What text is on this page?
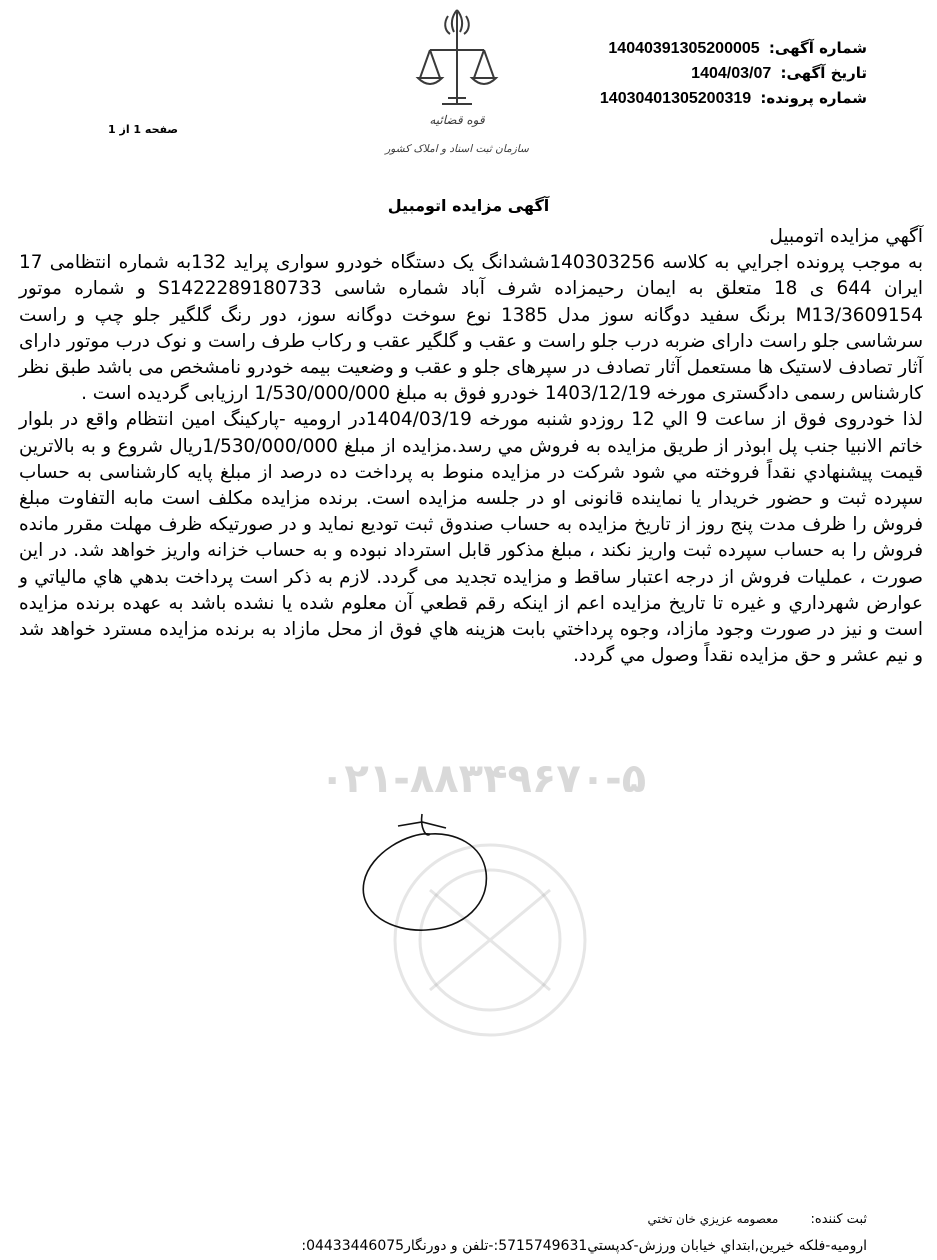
شماره آگهی: 14040391305200005
تاریخ آگهی: 1404/03/07
شماره پرونده: 14030401305200319
قوه قضائیه
سازمان ثبت اسناد و املاک کشور
صفحه 1 از 1
آگهی مزایده اتومبیل
آگهي مزايده اتومبيل

به موجب پرونده اجرايي به كلاسه 140303256ششدانگ یک دستگاه خودرو سواری پراید 132به شماره انتظامی 17 ایران 644 ی 18 متعلق به ایمان رحیمزاده شرف آباد شماره شاسی S1422289180733 و شماره موتور M13/3609154 برنگ سفید دوگانه سوز مدل 1385 نوع سوخت دوگانه سوز، دور رنگ گلگیر جلو چپ و راست سرشاسی جلو راست دارای ضربه درب جلو راست و عقب و گلگیر عقب و رکاب طرف راست و نوک درب موتور دارای آثار تصادف لاستیک ها مستعمل آثار تصادف در سپرهای جلو و عقب و وضعیت بیمه خودرو نامشخص می باشد طبق نظر کارشناس رسمی دادگستری مورخه 1403/12/19 خودرو فوق به مبلغ 1/530/000/000 ارزیابی گردیده است .

لذا خودروی فوق از ساعت 9 الي 12 روزدو شنبه مورخه 1404/03/19در اروميه -پارکینگ امین انتظام واقع در بلوار خاتم الانبیا جنب پل ابوذر از طريق مزايده به فروش مي رسد.مزايده از مبلغ 1/530/000/000ريال شروع و به بالاترين قيمت پيشنهادي نقداً فروخته مي شود شرکت در مزایده منوط به پرداخت ده درصد از مبلغ پایه کارشناسی به حساب سپرده ثبت و حضور خریدار یا نماینده قانونی او در جلسه مزایده است. برنده مزایده مکلف است مابه التفاوت مبلغ فروش را ظرف مدت پنج روز از تاریخ مزایده به حساب صندوق ثبت تودیع نماید و در صورتیکه ظرف مهلت مقرر مانده فروش را به حساب سپرده ثبت واریز نکند ، مبلغ مذکور قابل استرداد نبوده و به حساب خزانه واریز خواهد شد. در این صورت ، عملیات فروش از درجه اعتبار ساقط و مزایده تجدید می گردد. لازم به ذکر است پرداخت بدهي هاي مالياتي و عوارض شهرداري و غيره تا تاريخ مزايده اعم از اينكه رقم قطعي آن معلوم شده يا نشده باشد به عهده برنده مزايده است و نيز در صورت وجود مازاد، وجوه پرداختي بابت هزينه هاي فوق از محل مازاد به برنده مزايده مسترد خواهد شد و نيم عشر و حق مزايده نقداً وصول مي گردد.

۰۲۱-۸۸۳۴۹۶۷۰-۵
ثبت كننده: معصومه عزيزي خان تختي
اروميه-فلكه خيرين,ابتداي خيابان ورزش-كدپستي5715749631:-تلفن و دورنگار04433446075:
